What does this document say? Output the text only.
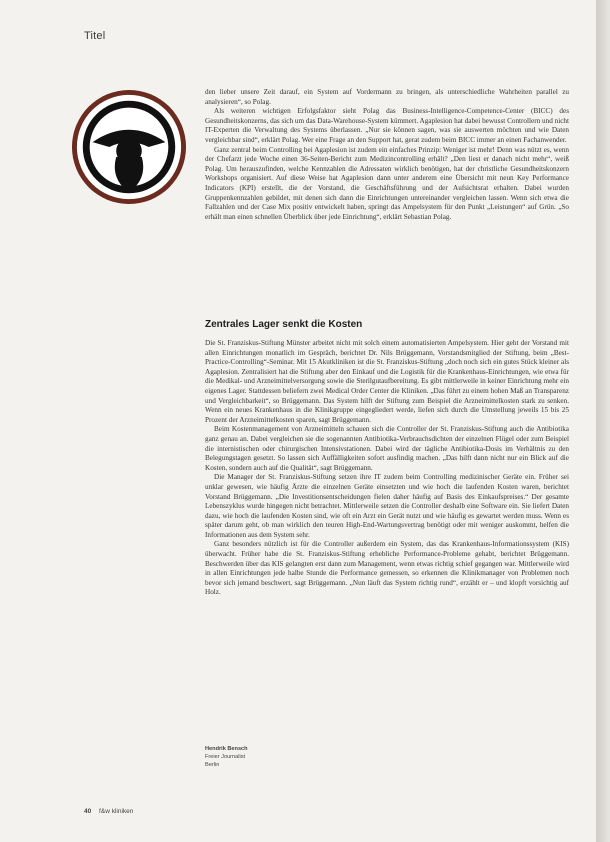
Titel

den lieber unsere Zeit darauf, ein System auf Vordermann zu bringen, als unterschiedliche Wahrheiten parallel zu analysieren“, so Polag.

Als weiteren wichtigen Erfolgsfaktor sieht Polag das Business-Intelligence-Competence-Center (BICC) des Gesundheitskonzerns, das sich um das Data-Warehouse-System kümmert. Agaplesion hat dabei bewusst Controllern und nicht IT-Experten die Verwaltung des Systems überlassen. „Nur sie können sagen, was sie auswerten möchten und wie Daten vergleichbar sind“, erklärt Polag. Wer eine Frage an den Support hat, gerat zudem beim BICC immer an einen Fachanwender.

Ganz zentral beim Controlling bei Agaplesion ist zudem ein einfaches Prinzip: Weniger ist mehr! Denn was nützt es, wenn der Chefarzt jede Woche einen 36-Seiten-Bericht zum Medizincontrolling erhält? „Den liest er danach nicht mehr“, weiß Polag. Um herauszufinden, welche Kennzahlen die Adressaten wirklich benötigen, hat der christliche Gesundheitskonzern Workshops organisiert. Auf diese Weise hat Agaplesion dann unter anderem eine Übersicht mit neun Key Performance Indicators (KPI) erstellt, die der Vorstand, die Geschäftsführung und der Aufsichtsrat erhalten. Dabei wurden Gruppenkennzahlen gebildet, mit denen sich dann die Einrichtungen untereinander vergleichen lassen. Wenn sich etwa die Fallzahlen und der Case Mix positiv entwickelt haben, springt das Ampelsystem für den Punkt „Leistungen“ auf Grün. „So erhält man einen schnellen Überblick über jede Einrichtung“, erklärt Sebastian Polag.

Zentrales Lager senkt die Kosten

Die St. Franziskus-Stiftung Münster arbeitet nicht mit solch einem automatisierten Ampelsystem. Hier geht der Vorstand mit allen Einrichtungen monatlich im Gespräch, berichtet Dr. Nils Brüggemann, Vorstandsmitglied der Stiftung, beim „Best-Practice-Controlling“-Seminar. Mit 15 Akutkliniken ist die St. Franziskus-Stiftung „doch noch sich ein gutes Stück kleiner als Agaplesion. Zentralisiert hat die Stiftung aber den Einkauf und die Logistik für die Krankenhaus-Einrichtungen, wie etwa für die Medikal- und Arzneimittelversorgung sowie die Sterilgutaufbereitung. Es gibt mittlerweile in keiner Einrichtung mehr ein eigenes Lager. Stattdessen beliefern zwei Medical Order Center die Kliniken. „Das führt zu einem hohen Maß an Transparenz und Vergleichbarkeit“, so Brüggemann. Das System hilft der Stiftung zum Beispiel die Arzneimittelkosten stark zu senken. Wenn ein neues Krankenhaus in die Klinikgruppe eingegliedert werde, liefen sich durch die Umstellung jeweils 15 bis 25 Prozent der Arzneimittelkosten sparen, sagt Brüggemann.

Beim Kostenmanagement von Arzneimitteln schauen sich die Controller der St. Franziskus-Stiftung auch die Antibiotika ganz genau an. Dabei vergleichen sie die sogenannten Antibiotika-Verbrauchsdichten der einzelnen Flügel oder zum Beispiel die internistischen oder chirurgischen Intensivstationen. Dabei wird der tägliche Antibiotika-Dosis im Verhältnis zu den Belegungstagen gesetzt. So lassen sich Auffälligkeiten sofort ausfindig machen. „Das hilft dann nicht nur ein Blick auf die Kosten, sondern auch auf die Qualität“, sagt Brüggemann.

Die Manager der St. Franziskus-Stiftung setzen ihre IT zudem beim Controlling medizinischer Geräte ein. Früher sei unklar gewesen, wie häufig Ärzte die einzelnen Geräte einsetzten und wie hoch die laufenden Kosten waren, berichtet Vorstand Brüggemann. „Die Investitionsentscheidungen fielen daher häufig auf Basis des Einkaufspreises.“ Der gesamte Lebenszyklus wurde hingegen nicht betrachtet. Mittlerweile setzen die Controller deshalb eine Software ein. Sie liefert Daten dazu, wie hoch die laufenden Kosten sind, wie oft ein Arzt ein Gerät nutzt und wie häufig es gewartet werden muss. Wenn es später darum geht, ob man wirklich den teuren High-End-Wartungsvertrag benötigt oder mit weniger auskommt, helfen die Informationen aus dem System sehr.

Ganz besonders nützlich ist für die Controller außerdem ein System, das das Krankenhaus-Informationssystem (KIS) überwacht. Früher habe die St. Franziskus-Stiftung erhebliche Performance-Probleme gehabt, berichtet Brüggemann. Beschwerden über das KIS gelangten erst dann zum Management, wenn etwas richtig schief gegangen war. Mittlerweile wird in allen Einrichtungen jede halbe Stunde die Performance gemessen, so erkennen die Klinikmanager von Problemen noch bevor sich jemand beschwert, sagt Brüggemann. „Nun läuft das System richtig rund“, erzählt er – und klopft vorsichtig auf Holz.

Hendrik Bensch
Freier Journalist
Berlin
40 f&w kliniken
